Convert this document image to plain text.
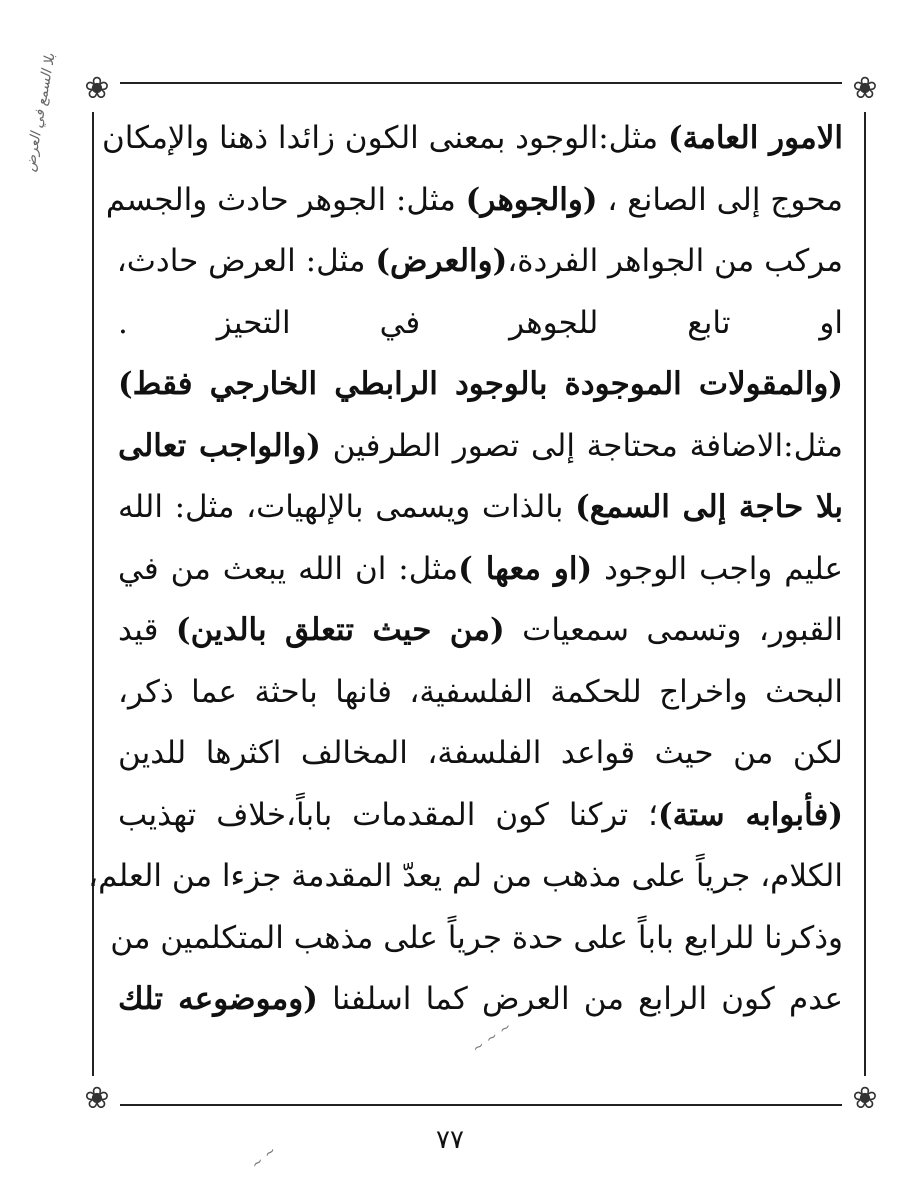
❀	❀
❀	❀
بلا السمع في العرض	الامور العامة) مثل:الوجود بمعنى الكون زائدا ذهنا والإمكان
محوج إلى الصانع ، (والجوهر) مثل: الجوهر حادث والجسم
مركب من الجواهر الفردة،(والعرض) مثل: العرض حادث،
او تابع للجوهر في التحيز .
(والمقولات الموجودة بالوجود الرابطي الخارجي فقط)
مثل:الاضافة محتاجة إلى تصور الطرفين (والواجب تعالى
بلا حاجة إلى السمع) بالذات ويسمى بالإلهيات، مثل: الله
عليم واجب الوجود (او معها )مثل: ان الله يبعث من في
القبور، وتسمى سمعيات (من حيث تتعلق بالدين) قيد
البحث واخراج للحكمة الفلسفية، فانها باحثة عما ذكر،
لكن من حيث قواعد الفلسفة، المخالف اكثرها للدين
(فأبوابه ستة)؛ تركنا كون المقدمات باباً،خلاف تهذيب
الكلام، جرياً على مذهب من لم يعدّ المقدمة جزءا من العلم،
وذكرنا للرابع باباً على حدة جرياً على مذهب المتكلمين من
عدم كون الرابع من العرض كما اسلفنا (وموضوعه تلك
~ ~ ~
~ ~
٧٧
